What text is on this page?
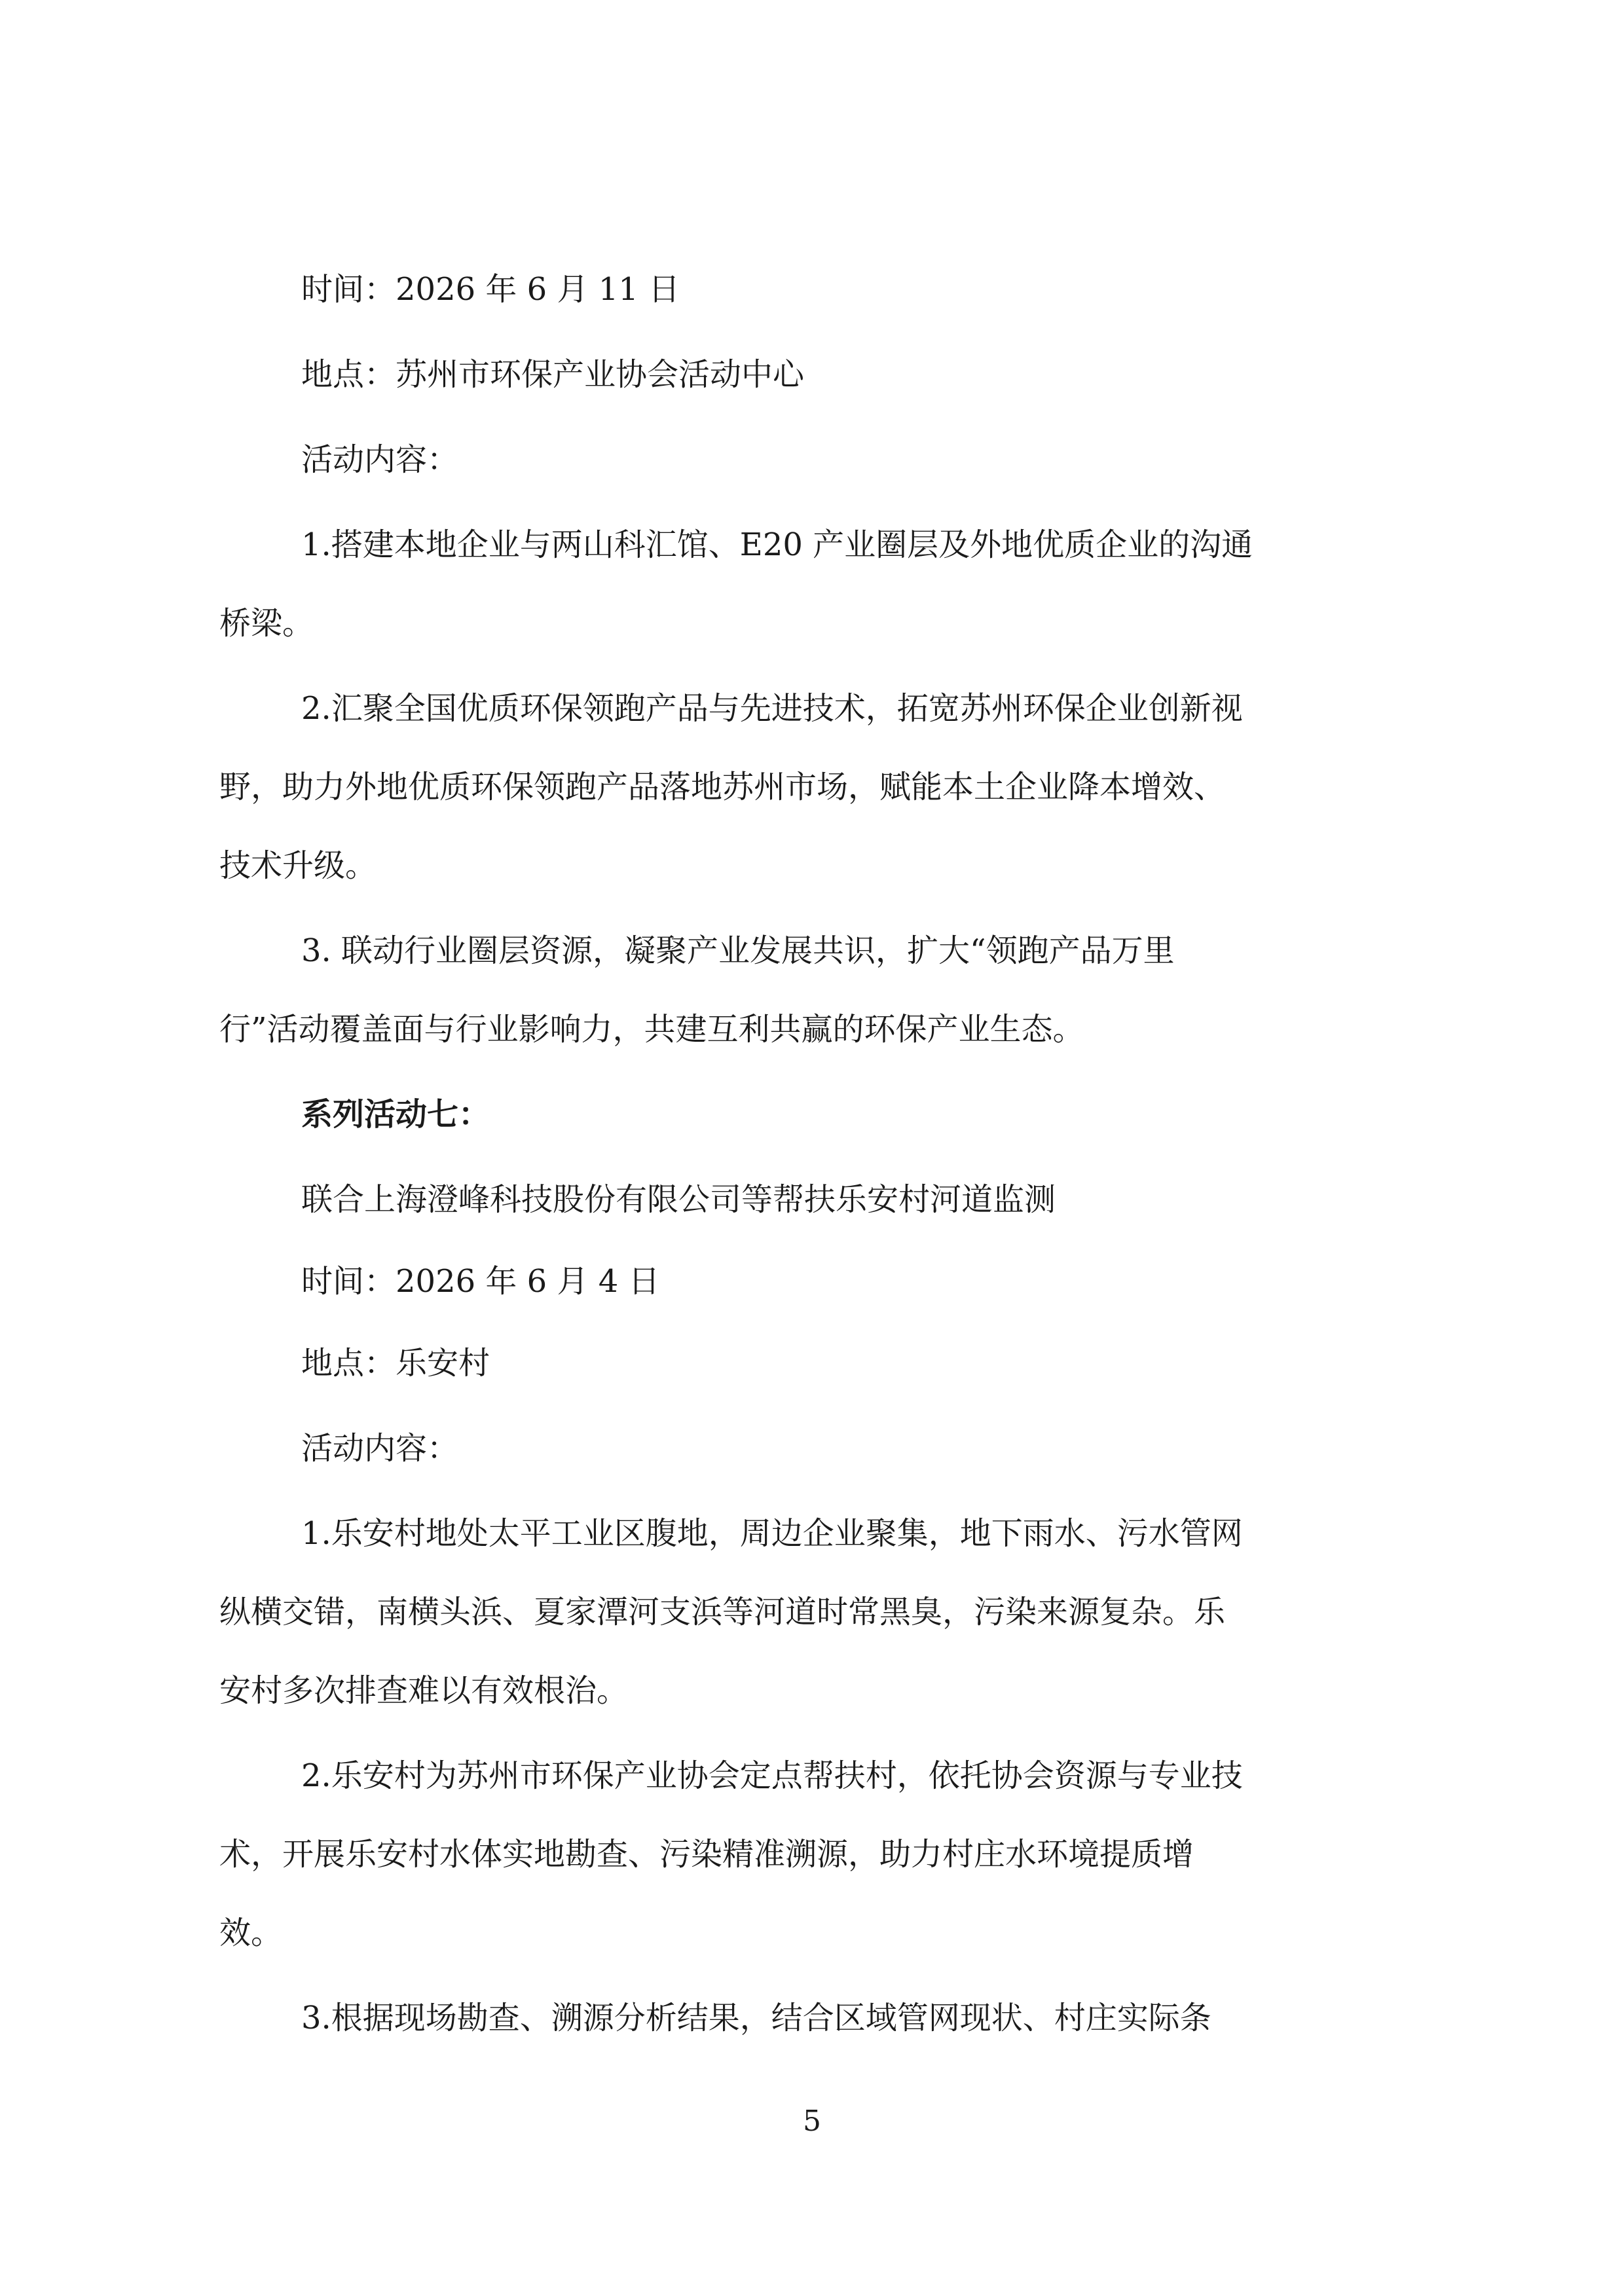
时间：2026 年 6 月 11 日

地点：苏州市环保产业协会活动中心

活动内容：

1.搭建本地企业与两山科汇馆、E20 产业圈层及外地优质企业的沟通

桥梁。

2.汇聚全国优质环保领跑产品与先进技术，拓宽苏州环保企业创新视

野，助力外地优质环保领跑产品落地苏州市场，赋能本土企业降本增效、

技术升级。

3. 联动行业圈层资源，凝聚产业发展共识，扩大“领跑产品万里

行”活动覆盖面与行业影响力，共建互利共赢的环保产业生态。

系列活动七：

联合上海澄峰科技股份有限公司等帮扶乐安村河道监测

时间：2026 年 6 月 4 日

地点：乐安村

活动内容：

1.乐安村地处太平工业区腹地，周边企业聚集，地下雨水、污水管网

纵横交错，南横头浜、夏家潭河支浜等河道时常黑臭，污染来源复杂。乐

安村多次排查难以有效根治。

2.乐安村为苏州市环保产业协会定点帮扶村，依托协会资源与专业技

术，开展乐安村水体实地勘查、污染精准溯源，助力村庄水环境提质增

效。

3.根据现场勘查、溯源分析结果，结合区域管网现状、村庄实际条

5
